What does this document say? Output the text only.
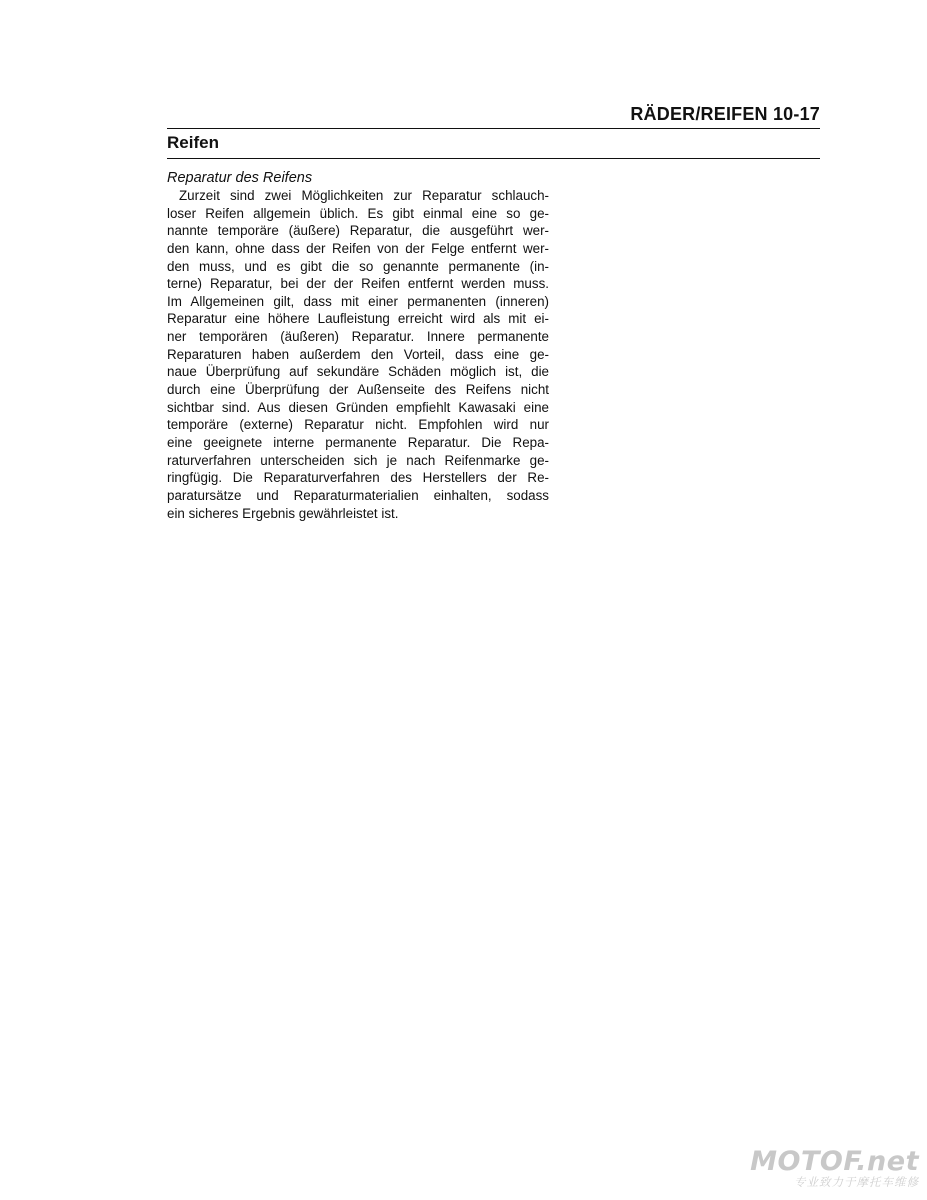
RÄDER/REIFEN 10-17
Reifen
Reparatur des Reifens
Zurzeit sind zwei Möglichkeiten zur Reparatur schlauch-
loser Reifen allgemein üblich. Es gibt einmal eine so ge-
nannte temporäre (äußere) Reparatur, die ausgeführt wer-
den kann, ohne dass der Reifen von der Felge entfernt wer-
den muss, und es gibt die so genannte permanente (in-
terne) Reparatur, bei der der Reifen entfernt werden muss.
Im Allgemeinen gilt, dass mit einer permanenten (inneren)
Reparatur eine höhere Laufleistung erreicht wird als mit ei-
ner temporären (äußeren) Reparatur. Innere permanente
Reparaturen haben außerdem den Vorteil, dass eine ge-
naue Überprüfung auf sekundäre Schäden möglich ist, die
durch eine Überprüfung der Außenseite des Reifens nicht
sichtbar sind. Aus diesen Gründen empfiehlt Kawasaki eine
temporäre (externe) Reparatur nicht. Empfohlen wird nur
eine geeignete interne permanente Reparatur. Die Repa-
raturverfahren unterscheiden sich je nach Reifenmarke ge-
ringfügig. Die Reparaturverfahren des Herstellers der Re-
paratursätze und Reparaturmaterialien einhalten, sodass
ein sicheres Ergebnis gewährleistet ist.
MOTOF.net
专业致力于摩托车维修
